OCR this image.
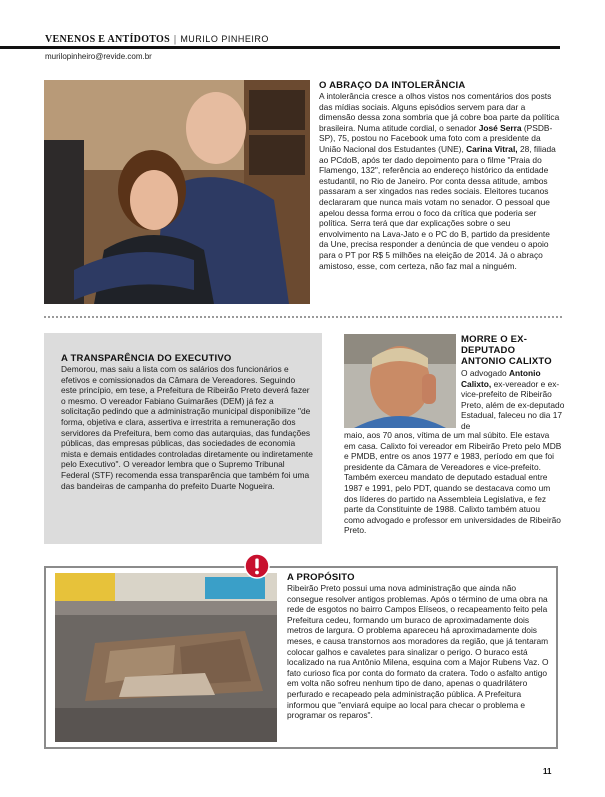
VENENOS E ANTÍDOTOS | MURILO PINHEIRO
murilopinheiro@revide.com.br
O ABRAÇO DA INTOLERÂNCIA

A intolerância cresce a olhos vistos nos comentários dos posts das mídias sociais. Alguns episódios servem para dar a dimensão dessa zona sombria que já cobre boa parte da política brasileira. Numa atitude cordial, o senador José Serra (PSDB-SP), 75, postou no Facebook uma foto com a presidente da União Nacional dos Estudantes (UNE), Carina Vitral, 28, filiada ao PCdoB, após ter dado depoimento para o filme "Praia do Flamengo, 132", referência ao endereço histórico da entidade estudantil, no Rio de Janeiro. Por conta dessa atitude, ambos passaram a ser xingados nas redes sociais. Eleitores tucanos declararam que nunca mais votam no senador. O pessoal que apelou dessa forma errou o foco da crítica que poderia ser política. Serra terá que dar explicações sobre o seu envolvimento na Lava-Jato e o PC do B, partido da presidente da Une, precisa responder a denúncia de que vendeu o apoio para o PT por R$ 5 milhões na eleição de 2014. Já o abraço amistoso, esse, com certeza, não faz mal a ninguém.

A TRANSPARÊNCIA DO EXECUTIVO

Demorou, mas saiu a lista com os salários dos funcionários e efetivos e comissionados da Câmara de Vereadores. Seguindo este princípio, em tese, a Prefeitura de Ribeirão Preto deverá fazer o mesmo. O vereador Fabiano Guimarães (DEM) já fez a solicitação pedindo que a administração municipal disponibilize "de forma, objetiva e clara, assertiva e irrestrita a remuneração dos servidores da Prefeitura, bem como das autarquias, das fundações públicas, das empresas públicas, das sociedades de economia mista e demais entidades controladas diretamente ou indiretamente pelo Executivo". O vereador lembra que o Supremo Tribunal Federal (STF) recomenda essa transparência que também foi uma das bandeiras de campanha do prefeito Duarte Nogueira.

MORRE O EX-DEPUTADO ANTONIO CALIXTO

O advogado Antonio Calixto, ex-vereador e ex-vice-prefeito de Ribeirão Preto, além de ex-deputado Estadual, faleceu no dia 17 de

maio, aos 70 anos, vítima de um mal súbito. Ele estava em casa. Calixto foi vereador em Ribeirão Preto pelo MDB e PMDB, entre os anos 1977 e 1983, período em que foi presidente da Câmara de Vereadores e vice-prefeito. Também exerceu mandato de deputado estadual entre 1987 e 1991, pelo PDT, quando se destacava como um dos líderes do partido na Assembleia Legislativa, e fez parte da Constituinte de 1988. Calixto também atuou como advogado e professor em universidades de Ribeirão Preto.

A PROPÓSITO

Ribeirão Preto possui uma nova administração que ainda não consegue resolver antigos problemas. Após o término de uma obra na rede de esgotos no bairro Campos Elíseos, o recapeamento feito pela Prefeitura cedeu, formando um buraco de aproximadamente dois metros de largura. O problema apareceu há aproximadamente dois meses, e causa transtornos aos moradores da região, que já tentaram colocar galhos e cavaletes para sinalizar o perigo. O buraco está localizado na rua Antônio Milena, esquina com a Major Rubens Vaz. O fato curioso fica por conta do formato da cratera. Todo o asfalto antigo em volta não sofreu nenhum tipo de dano, apenas o quadrilátero perfurado e recapeado pela administração pública. A Prefeitura informou que "enviará equipe ao local para checar o problema e programar os reparos".

11
